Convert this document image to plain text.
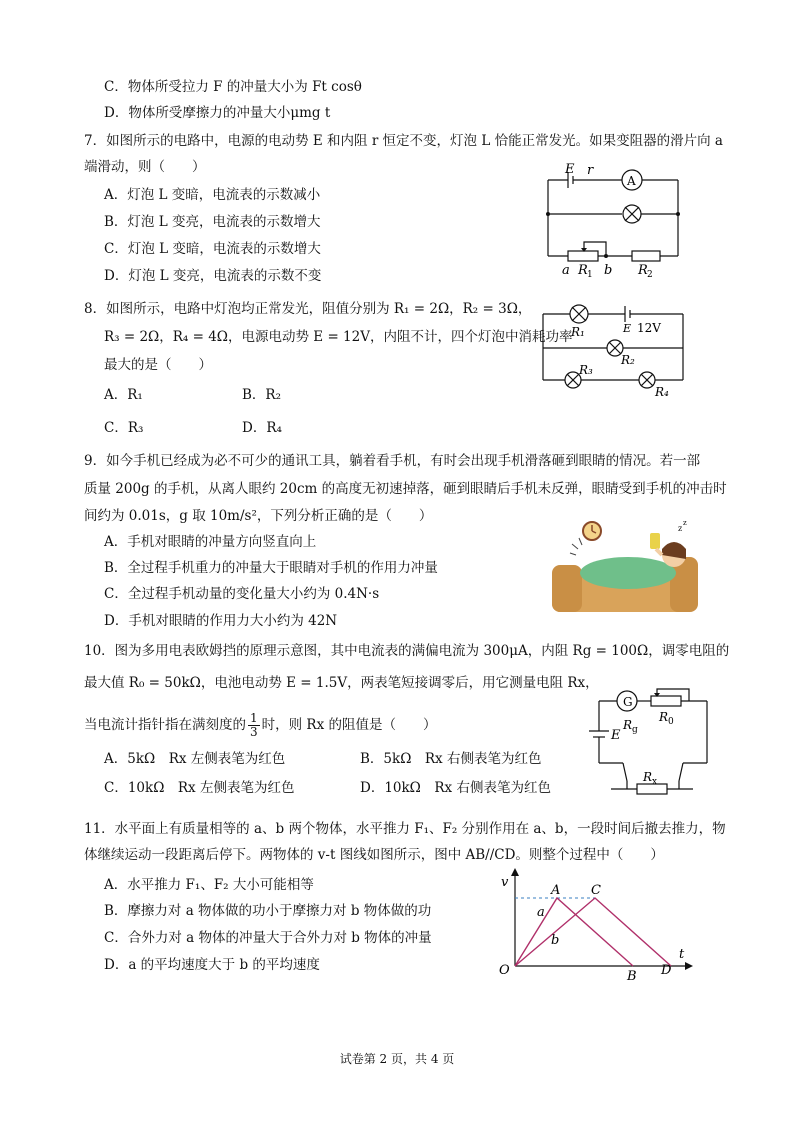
C．物体所受拉力 F 的冲量大小为 Ft cosθ
D．物体所受摩擦力的冲量大小μmg t
7．如图所示的电路中，电源的电动势 E 和内阻 r 恒定不变，灯泡 L 恰能正常发光。如果变阻器的滑片向 a
端滑动，则（　　）
A．灯泡 L 变暗，电流表的示数减小
B．灯泡 L 变亮，电流表的示数增大
C．灯泡 L 变暗，电流表的示数增大
D．灯泡 L 变亮，电流表的示数不变
E r
A
a R 1 b R 2
8．如图所示，电路中灯泡均正常发光，阻值分别为 R₁ = 2Ω，R₂ = 3Ω，
R₃ = 2Ω，R₄ = 4Ω，电源电动势 E = 12V，内阻不计，四个灯泡中消耗功率
最大的是（　　）
A．R₁	B．R₂
C．R₃	D．R₄
R₁	E 12V
R₂
R₃
R₄
9．如今手机已经成为必不可少的通讯工具，躺着看手机，有时会出现手机滑落砸到眼睛的情况。若一部
质量 200g 的手机，从离人眼约 20cm 的高度无初速掉落，砸到眼睛后手机未反弹，眼睛受到手机的冲击时
间约为 0.01s，g 取 10m/s²，下列分析正确的是（　　）
A．手机对眼睛的冲量方向竖直向上
B．全过程手机重力的冲量大于眼睛对手机的作用力冲量
C．全过程手机动量的变化量大小约为 0.4N·s
D．手机对眼睛的作用力大小约为 42N
z
z
10．图为多用电表欧姆挡的原理示意图，其中电流表的满偏电流为 300μA，内阻 Rg = 100Ω，调零电阻的
最大值 R₀ = 50kΩ，电池电动势 E = 1.5V，两表笔短接调零后，用它测量电阻 Rx，
当电流计指针指在满刻度的 $\frac{1}{3}$ 时，则 Rx 的阻值是（　　）
A．5kΩ　Rx 左侧表笔为红色	B．5kΩ　Rx 右侧表笔为红色
C．10kΩ　Rx 左侧表笔为红色	D．10kΩ　Rx 右侧表笔为红色
G
R g
R 0
E
R x
11．水平面上有质量相等的 a、b 两个物体，水平推力 F₁、F₂ 分别作用在 a、b，一段时间后撤去推力，物
体继续运动一段距离后停下。两物体的 v-t 图线如图所示，图中 AB//CD。则整个过程中（　　）
A．水平推力 F₁、F₂ 大小可能相等
B．摩擦力对 a 物体做的功小于摩擦力对 b 物体做的功
C．合外力对 a 物体的冲量大于合外力对 b 物体的冲量
D．a 的平均速度大于 b 的平均速度
v
t
O
A C
a
b
B D
试卷第 2 页，共 4 页
